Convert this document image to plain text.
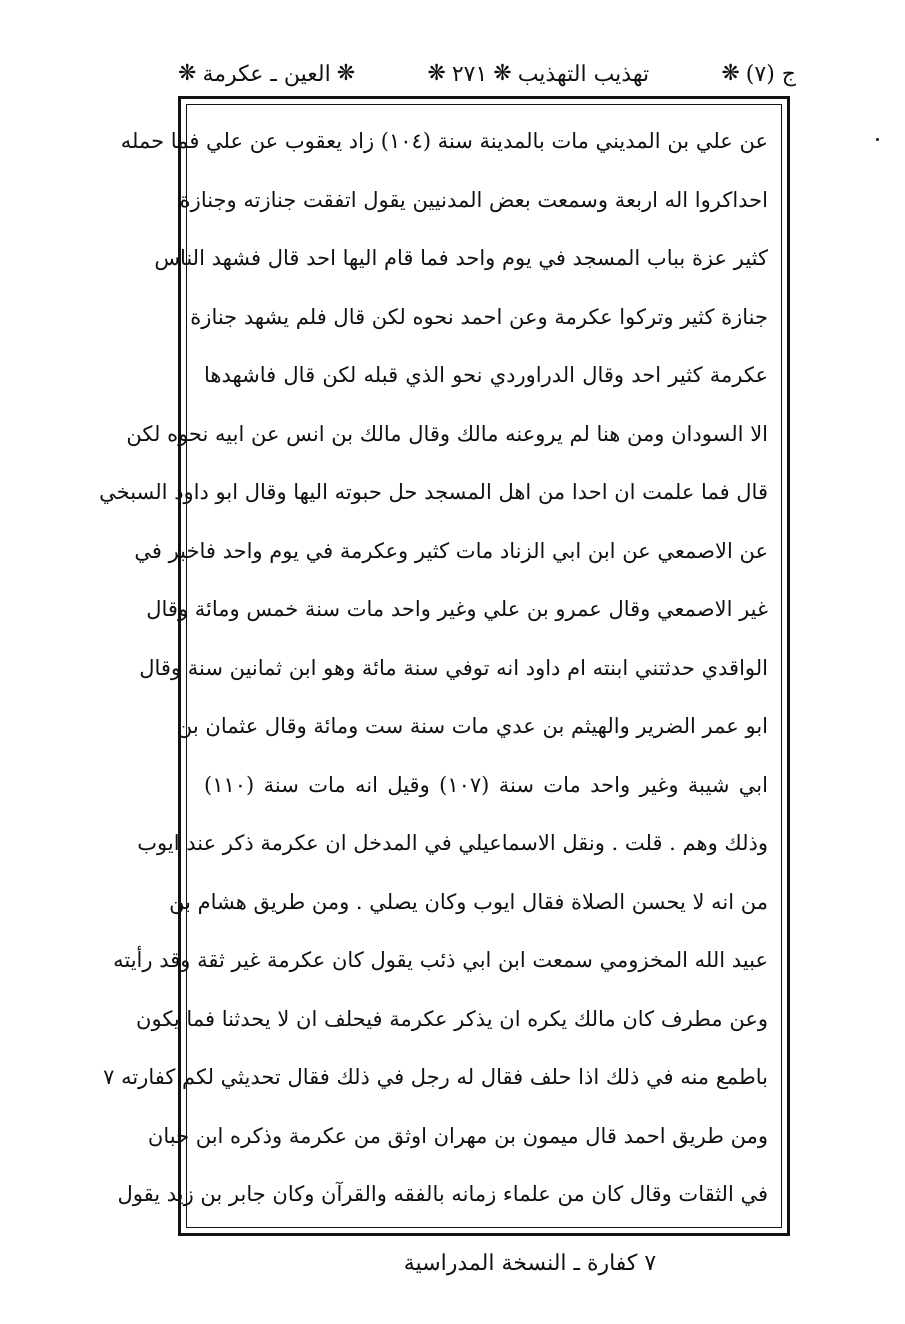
ج (٧)
❋
تهذيب التهذيب
❋
٢٧١
❋
❋
العين ـ عكرمة
❋
عن علي بن المديني مات بالمدينة سنة (١٠٤) زاد يعقوب عن علي فما حمله
احداكروا اله اربعة وسمعت بعض المدنيين يقول اتفقت جنازته وجنازة
كثير عزة بباب المسجد في يوم واحد فما قام اليها احد قال فشهد الناس
جنازة كثير وتركوا عكرمة وعن احمد نحوه لكن قال فلم يشهد جنازة
عكرمة كثير احد وقال الدراوردي نحو الذي قبله لكن قال فاشهدها
الا السودان ومن هنا لم يروعنه مالك وقال مالك بن انس عن ابيه نحوه لكن
قال فما علمت ان احدا من اهل المسجد حل حبوته اليها وقال ابو داود السبخي
عن الاصمعي عن ابن ابي الزناد مات كثير وعكرمة في يوم واحد فاخبر في
غير الاصمعي وقال عمرو بن علي وغير واحد مات سنة خمس ومائة وقال
الواقدي حدثتني ابنته ام داود انه توفي سنة مائة وهو ابن ثمانين سنة وقال
ابو عمر الضرير والهيثم بن عدي مات سنة ست ومائة وقال عثمان بن
ابي شيبة وغير واحد مات سنة (١٠٧) وقيل انه مات سنة (١١٠)
وذلك وهم . قلت . ونقل الاسماعيلي في المدخل ان عكرمة ذكر عند ايوب
من انه لا يحسن الصلاة فقال ايوب وكان يصلي . ومن طريق هشام بن
عبيد الله المخزومي سمعت ابن ابي ذئب يقول كان عكرمة غير ثقة وقد رأيته
وعن مطرف كان مالك يكره ان يذكر عكرمة فيحلف ان لا يحدثنا فما يكون
باطمع منه في ذلك اذا حلف فقال له رجل في ذلك فقال تحديثي لكم كفارته ٧
ومن طريق احمد قال ميمون بن مهران اوثق من عكرمة وذكره ابن حبان
في الثقات وقال كان من علماء زمانه بالفقه والقرآن وكان جابر بن زيد يقول
٧ كفارة ـ النسخة المدراسية
